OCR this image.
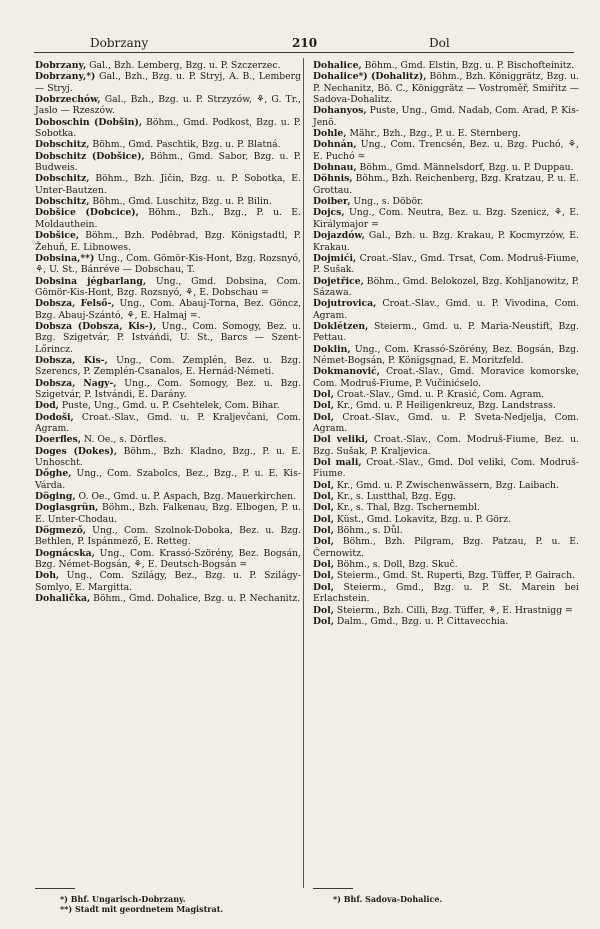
Dobrzany	210	Dol

Dobrzany, Gal., Bzh. Lemberg, Bzg. u. P. Szczerzec.

Dobrzany,*) Gal., Bzh., Bzg. u. P. Stryj, A. B., Lemberg — Stryj.

Dobrzechów, Gal., Bzh., Bzg. u. P. Strzyzów, ⚘, G. Tr., Jaslo — Rzeszów.

Doboschin (Dobšin), Böhm., Gmd. Podkost, Bzg. u. P. Sobotka.

Dobschitz, Böhm., Gmd. Paschtik, Bzg. u. P. Blatná.

Dobschitz (Dobšice), Böhm., Gmd. Sabor, Bzg. u. P. Budweis.

Dobschitz, Böhm., Bzh. Jičin, Bzg. u. P. Sobotka, E. Unter-Bautzen.

Dobschitz, Böhm., Gmd. Luschitz, Bzg. u. P. Bilin.

Dobšice (Dobcice), Böhm., Bzh., Bzg., P. u. E. Moldauthein.

Dobšice, Böhm., Bzh. Poděbrad, Bzg. Königstadtl, P. Žehuň, E. Libnowes.

Dobsina,**) Ung., Com. Gömör-Kis-Hont, Bzg. Rozsnyó, ⚘, U. St., Bánréve — Dobschau, T.

Dobsina jégbarlang, Ung., Gmd. Dobsina, Com. Gömör-Kis-Hont, Bzg. Rozsnyó, ⚘, E. Dobschau =

Dobsza, Felső-, Ung., Com. Abauj-Torna, Bez. Göncz, Bzg. Abauj-Szántó, ⚘, E. Halmaj =.

Dobsza (Dobsza, Kis-), Ung., Com. Somogy, Bez. u. Bzg. Szigetvár, P. Istváńdi, U. St., Barcs — Szent-Lőrincz.

Dobsza, Kis-, Ung., Com. Zemplén, Bez. u. Bzg. Szerencs, P. Zemplén-Csanalos, E. Hernád-Németi.

Dobsza, Nagy-, Ung., Com. Somogy, Bez. u. Bzg. Szigetvár, P. Istvándi, E. Darány.

Dod, Puste, Ung., Gmd. u. P. Csehtelek, Com. Bihar.

Dodoši, Croat.-Slav., Gmd. u. P. Kraljevčani, Com. Agram.

Doerfles, N. Oe., s. Dörfles.

Doges (Dokes), Böhm., Bzh. Kladno, Bzg., P. u. E. Unhoscht.

Dőghe, Ung., Com. Szabolcs, Bez., Bzg., P. u. E. Kis-Várda.

Döging, O. Oe., Gmd. u. P. Aspach, Bzg. Mauerkirchen.

Doglasgrün, Böhm., Bzh. Falkenau, Bzg. Elbogen, P. u. E. Unter-Chodau.

Dögmező, Ung., Com. Szolnok-Doboka, Bez. u. Bzg. Bethlen, P. Ispánmező, E. Retteg.

Dognácska, Ung., Com. Krassó-Szörény, Bez. Bogsán, Bzg. Német-Bogsán, ⚘, E. Deutsch-Bogsán =

Doh, Ung., Com. Szilágy, Bez., Bzg. u. P. Szilágy-Somlyo, E. Margitta.

Dohalička, Böhm., Gmd. Dohalice, Bzg. u. P. Nechanitz.

Dohalice, Böhm., Gmd. Elstin, Bzg. u. P. Bischofteinitz.

Dohalice*) (Dohalitz), Böhm., Bzh. Königgrätz, Bzg. u. P. Nechanitz, Bö. C., Königgrätz — Vostroměř, Smiřitz — Sadova-Dohalitz.

Dohanyos, Puste, Ung., Gmd. Nadab, Com. Arad, P. Kis-Jenö.

Dohle, Mähr., Bzh., Bzg., P. u. E. Sternberg.

Dohnán, Ung., Com. Trencsén, Bez. u. Bzg. Puchó, ⚘, E. Puchó =

Dohnau, Böhm., Gmd. Männelsdorf, Bzg. u. P. Duppau.

Döhnis, Böhm., Bzh. Reichenberg, Bzg. Kratzau, P. u. E. Grottau.

Doiber, Ung., s. Döbör.

Dojcs, Ung., Com. Neutra, Bez. u. Bzg. Szenicz, ⚘, E. Királymajor =

Dojazdów, Gal., Bzh. u. Bzg. Krakau, P. Kocmyrzów, E. Krakau.

Dojmići, Croat.-Slav., Gmd. Trsat, Com. Modruš-Fiume, P. Sušak.

Dojetřice, Böhm., Gmd. Belokozel, Bzg. Kohljanowitz, P. Sázawa.

Dojutrovica, Croat.-Slav., Gmd. u. P. Vivodina, Com. Agram.

Doklétzen, Steierm., Gmd. u. P. Maria-Neustift, Bzg. Pettau.

Doklin, Ung., Com. Krassó-Szörény, Bez. Bogsán, Bzg. Német-Bogsán, P. Königsgnad, E. Moritzfeld.

Dokmanović, Croat.-Slav., Gmd. Moravice komorske, Com. Modruš-Fiume, P. Vučinićselo.

Dol, Croat.-Slav., Gmd. u. P. Krasić, Com. Agram.

Dol, Kr., Gmd. u. P. Heiligenkreuz, Bzg. Landstrass.

Dol, Croat.-Slav., Gmd. u. P. Sveta-Nedjelja, Com. Agram.

Dol veliki, Croat.-Slav., Com. Modruš-Fiume, Bez. u. Bzg. Sušak, P. Kraljevica.

Dol mali, Croat.-Slav., Gmd. Dol veliki, Com. Modruš-Fiume.

Dol, Kr., Gmd. u. P. Zwischenwässern, Bzg. Laibach.

Dol, Kr., s. Lustthal, Bzg. Egg.

Dol, Kr., s. Thal, Bzg. Tschernembl.

Dol, Küst., Gmd. Lokavitz, Bzg. u. P. Görz.

Dol, Böhm., s. Důl.

Dol, Böhm., Bzh. Pilgram, Bzg. Patzau, P. u. E. Černowitz.

Dol, Böhm., s. Doll, Bzg. Skuč.

Dol, Steierm., Gmd. St. Ruperti, Bzg. Tüffer, P. Gairach.

Dol, Steierm., Gmd., Bzg. u. P. St. Marein bei Erlachstein.

Dol, Steierm., Bzh. Cilli, Bzg. Tüffer, ⚘, E. Hrastnigg =

Dol, Dalm., Gmd., Bzg. u. P. Cittavecchia.

*) Bhf. Ungarisch-Dobrzany.
**) Stadt mit geordnetem Magistrat.
*) Bhf. Sadova-Dohalice.
